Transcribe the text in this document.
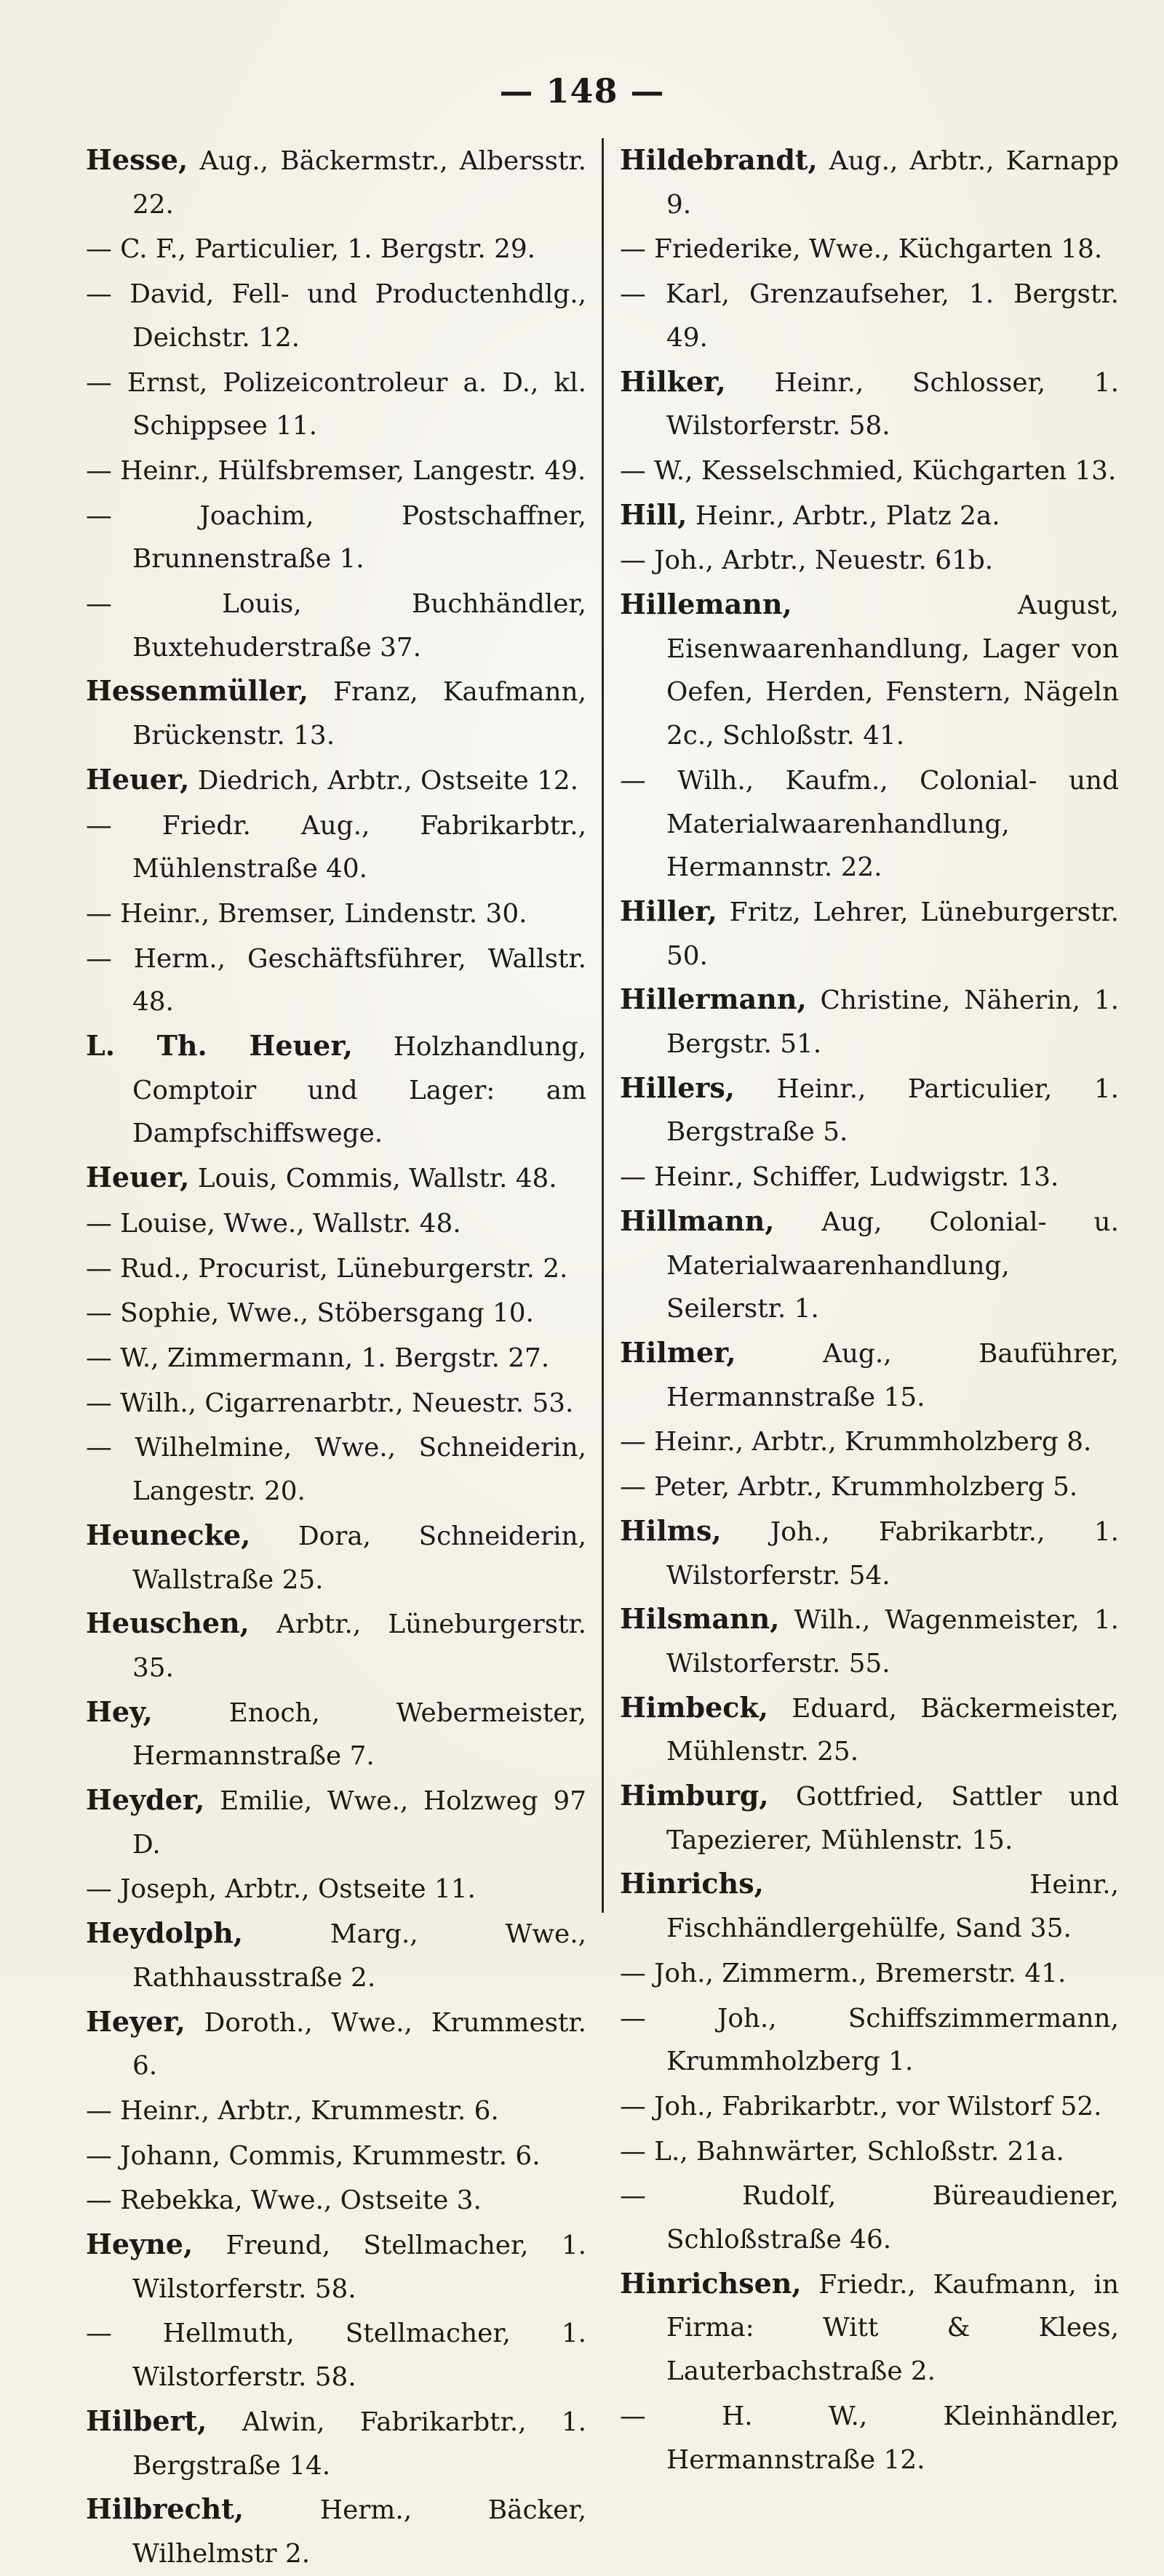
— 148 —

Hesse, Aug., Bäckermstr., Albersstr. 22.

— C. F., Particulier, 1. Bergstr. 29.

— David, Fell- und Productenhdlg., Deichstr. 12.

— Ernst, Polizeicontroleur a. D., kl. Schippsee 11.

— Heinr., Hülfsbremser, Langestr. 49.

— Joachim, Postschaffner, Brunnenstraße 1.

— Louis, Buchhändler, Buxtehuderstraße 37.

Hessenmüller, Franz, Kaufmann, Brückenstr. 13.

Heuer, Diedrich, Arbtr., Ostseite 12.

— Friedr. Aug., Fabrikarbtr., Mühlenstraße 40.

— Heinr., Bremser, Lindenstr. 30.

— Herm., Geschäftsführer, Wallstr. 48.

L. Th. Heuer, Holzhandlung, Comptoir und Lager: am Dampfschiffswege.

Heuer, Louis, Commis, Wallstr. 48.

— Louise, Wwe., Wallstr. 48.

— Rud., Procurist, Lüneburgerstr. 2.

— Sophie, Wwe., Stöbersgang 10.

— W., Zimmermann, 1. Bergstr. 27.

— Wilh., Cigarrenarbtr., Neuestr. 53.

— Wilhelmine, Wwe., Schneiderin, Langestr. 20.

Heunecke, Dora, Schneiderin, Wallstraße 25.

Heuschen, Arbtr., Lüneburgerstr. 35.

Hey,	Enoch, Webermeister, Hermannstraße 7.

Heyder, Emilie, Wwe., Holzweg 97 D.

— Joseph, Arbtr., Ostseite 11.

Heydolph,	Marg., Wwe., Rathhausstraße 2.

Heyer, Doroth., Wwe., Krummestr. 6.

— Heinr., Arbtr., Krummestr. 6.

— Johann, Commis, Krummestr. 6.

— Rebekka, Wwe., Ostseite 3.

Heyne, Freund, Stellmacher, 1. Wilstorferstr. 58.

— Hellmuth, Stellmacher, 1. Wilstorferstr. 58.

Hilbert, Alwin, Fabrikarbtr., 1. Bergstraße 14.

Hilbrecht,	Herm., Bäcker, Wilhelmstr 2.

Hildebrandt, Aug., Arbtr., Karnapp 9.

— Friederike, Wwe., Küchgarten 18.

— Karl, Grenzaufseher, 1. Bergstr. 49.

Hilker, Heinr., Schlosser, 1. Wilstorferstr. 58.

— W., Kesselschmied, Küchgarten 13.

Hill, Heinr., Arbtr., Platz 2a.

— Joh., Arbtr., Neuestr. 61b.

Hillemann,	August, Eisenwaarenhandlung, Lager von Oefen, Herden, Fenstern, Nägeln 2c., Schloßstr. 41.

— Wilh., Kaufm., Colonial- und Materialwaarenhandlung, Hermannstr. 22.

Hiller, Fritz, Lehrer, Lüneburgerstr. 50.

Hillermann, Christine, Näherin, 1. Bergstr. 51.

Hillers, Heinr., Particulier, 1. Bergstraße 5.

— Heinr., Schiffer, Ludwigstr. 13.

Hillmann, Aug, Colonial- u. Materialwaarenhandlung, Seilerstr. 1.

Hilmer,	Aug., Bauführer, Hermannstraße 15.

— Heinr., Arbtr., Krummholzberg 8.

— Peter, Arbtr., Krummholzberg 5.

Hilms, Joh., Fabrikarbtr., 1. Wilstorferstr. 54.

Hilsmann, Wilh., Wagenmeister, 1. Wilstorferstr. 55.

Himbeck, Eduard, Bäckermeister, Mühlenstr. 25.

Himburg, Gottfried, Sattler und Tapezierer, Mühlenstr. 15.

Hinrichs,	Heinr., Fischhändlergehülfe, Sand 35.

— Joh., Zimmerm., Bremerstr. 41.

— Joh., Schiffszimmermann, Krummholzberg 1.

— Joh., Fabrikarbtr., vor Wilstorf 52.

— L., Bahnwärter, Schloßstr. 21a.

— Rudolf, Büreaudiener, Schloßstraße 46.

Hinrichsen, Friedr., Kaufmann, in Firma: Witt & Klees, Lauterbachstraße 2.

— H. W., Kleinhändler, Hermannstraße 12.
